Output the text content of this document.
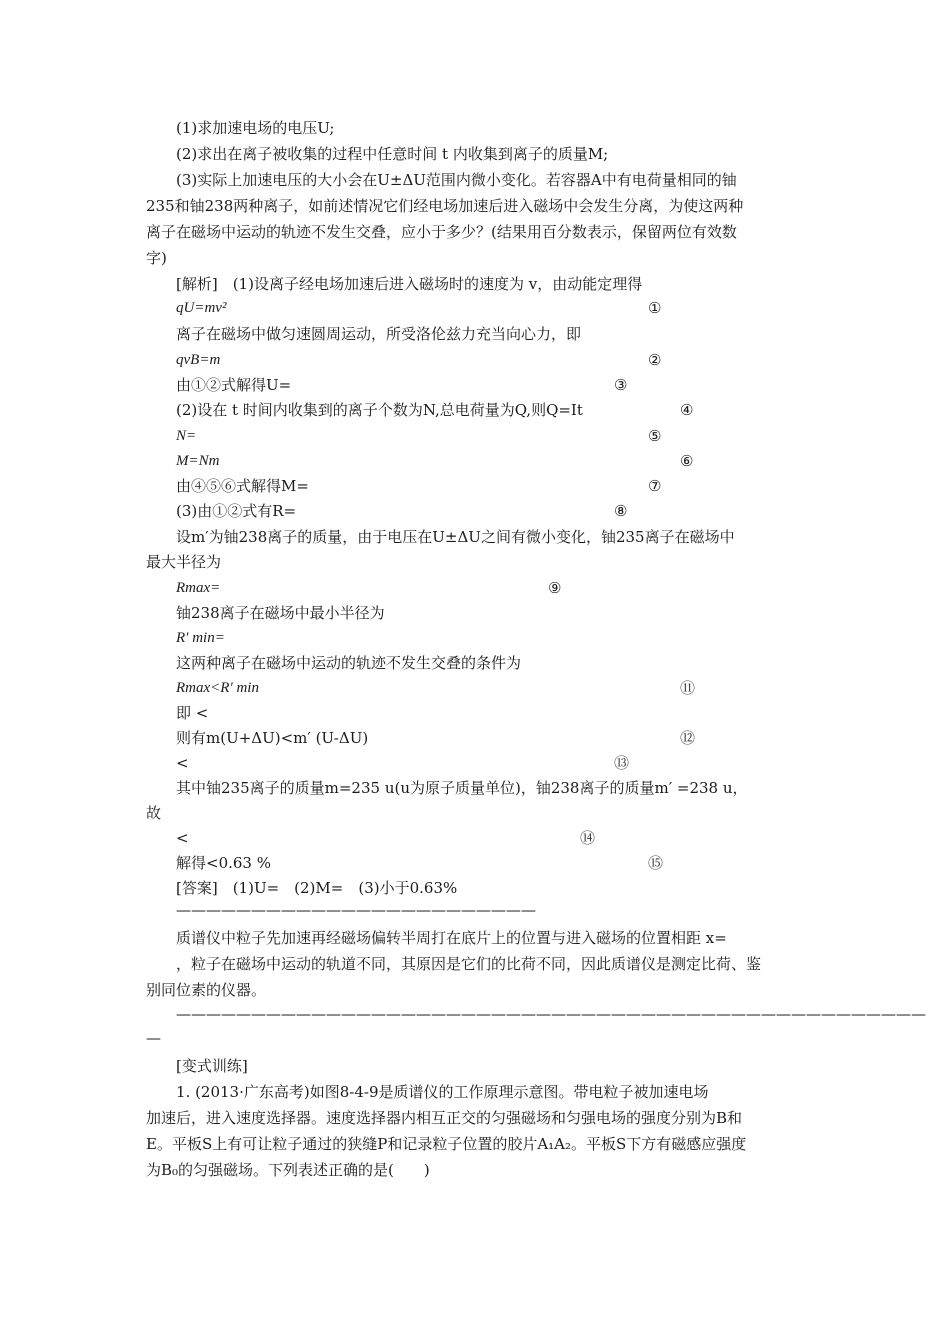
(1)求加速电场的电压U;
(2)求出在离子被收集的过程中任意时间 t 内收集到离子的质量M;
(3)实际上加速电压的大小会在U±ΔU范围内微小变化。若容器A中有电荷量相同的铀
235和铀238两种离子，如前述情况它们经电场加速后进入磁场中会发生分离，为使这两种
离子在磁场中运动的轨迹不发生交叠，应小于多少？(结果用百分数表示，保留两位有效数
字)
[解析]　(1)设离子经电场加速后进入磁场时的速度为 v，由动能定理得
qU=mv²	①
离子在磁场中做匀速圆周运动，所受洛伦兹力充当向心力，即
qvB=m	②
由①②式解得U=	③
(2)设在 t 时间内收集到的离子个数为N,总电荷量为Q,则Q=It	④
N=	⑤
M=Nm	⑥
由④⑤⑥式解得M=	⑦
(3)由①②式有R=	⑧
设m′为铀238离子的质量，由于电压在U±ΔU之间有微小变化，铀235离子在磁场中
最大半径为
Rmax=	⑨
铀238离子在磁场中最小半径为
R′ min=
这两种离子在磁场中运动的轨迹不发生交叠的条件为
Rmax<R′ min	⑪
即 <
则有m(U+ΔU)<m′ (U-ΔU)	⑫
<	⑬
其中铀235离子的质量m=235 u(u为原子质量单位)，铀238离子的质量m′ =238 u，
故
<	⑭
解得<0.63 %	⑮
[答案]　(1)U=　(2)M=　(3)小于0.63%
————————————————————————
质谱仪中粒子先加速再经磁场偏转半周打在底片上的位置与进入磁场的位置相距 x=
，粒子在磁场中运动的轨道不同，其原因是它们的比荷不同，因此质谱仪是测定比荷、鉴
别同位素的仪器。
——————————————————————————————————————————————————
—
[变式训练]
1. (2013·广东高考)如图8-4-9是质谱仪的工作原理示意图。带电粒子被加速电场
加速后，进入速度选择器。速度选择器内相互正交的匀强磁场和匀强电场的强度分别为B和
E。平板S上有可让粒子通过的狭缝P和记录粒子位置的胶片A₁A₂。平板S下方有磁感应强度
为B₀的匀强磁场。下列表述正确的是(　　)
